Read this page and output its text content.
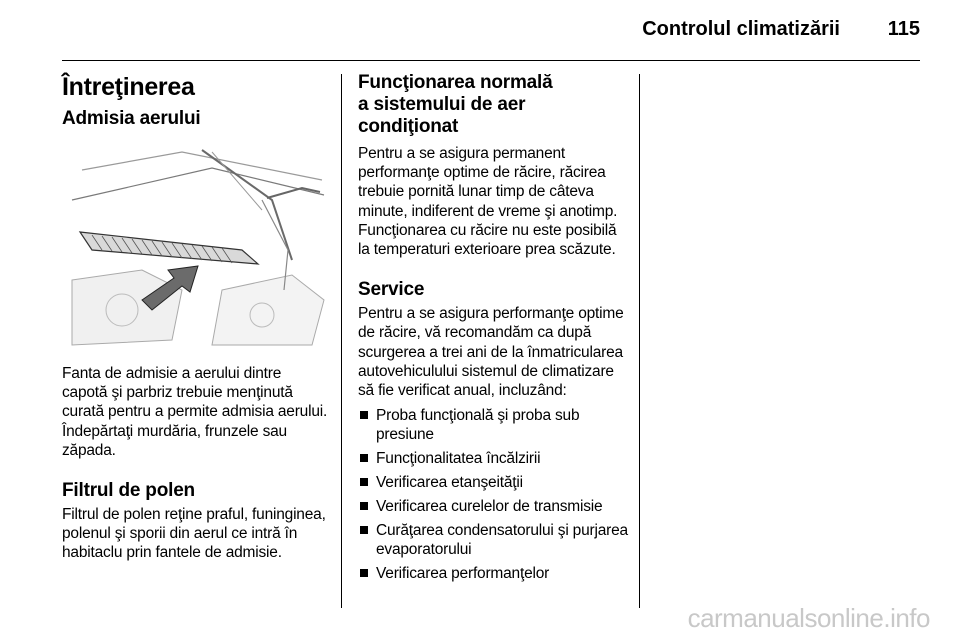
Controlul climatizării 115
Întreţinerea
Admisia aerului

Fanta de admisie a aerului dintre capotă şi parbriz trebuie menţinută curată pentru a permite admisia aerului. Îndepărtaţi murdăria, frunzele sau zăpada.

Filtrul de polen

Filtrul de polen reţine praful, funinginea, polenul şi sporii din aerul ce intră în habitaclu prin fantele de admisie.

Funcţionarea normală
a sistemului de aer condiţionat

Pentru a se asigura permanent performanţe optime de răcire, răcirea trebuie pornită lunar timp de câteva minute, indiferent de vreme şi anotimp. Funcţionarea cu răcire nu este posibilă la temperaturi exterioare prea scăzute.

Service

Pentru a se asigura performanţe optime de răcire, vă recomandăm ca după scurgerea a trei ani de la înmatricularea autovehiculului sistemul de climatizare să fie verificat anual, incluzând:

Proba funcţională şi proba sub presiune
Funcţionalitatea încălzirii
Verificarea etanşeităţii
Verificarea curelelor de transmisie
Curăţarea condensatorului şi purjarea evaporatorului
Verificarea performanţelor
carmanualsonline.info
